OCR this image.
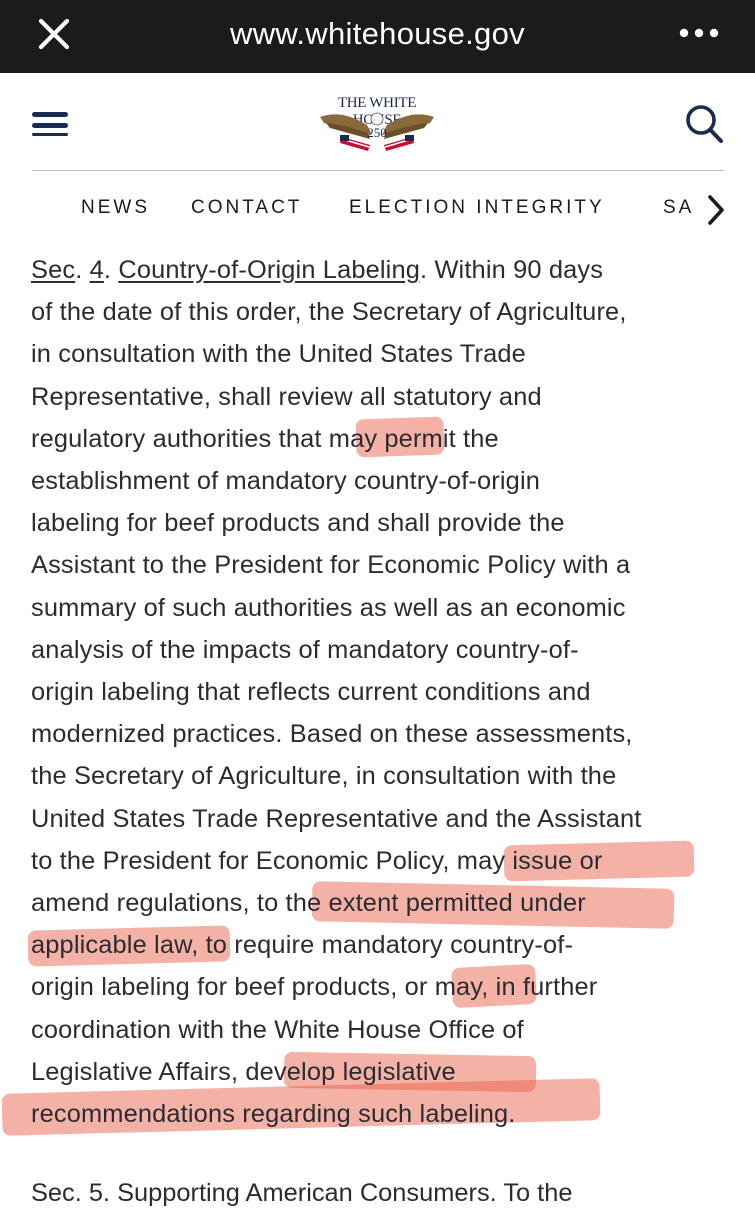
www.whitehouse.gov
THE WHITE
250
NEWS CONTACT ELECTION INTEGRITY	SA
Sec. 4. Country-of-Origin Labeling. Within 90 days
of the date of this order, the Secretary of Agriculture,
in consultation with the United States Trade
Representative, shall review all statutory and
regulatory authorities that may permit the
establishment of mandatory country-of-origin
labeling for beef products and shall provide the
Assistant to the President for Economic Policy with a
summary of such authorities as well as an economic
analysis of the impacts of mandatory country-of-
origin labeling that reflects current conditions and
modernized practices. Based on these assessments,
the Secretary of Agriculture, in consultation with the
United States Trade Representative and the Assistant
to the President for Economic Policy, may issue or
amend regulations, to the extent permitted under
applicable law, to require mandatory country-of-
origin labeling for beef products, or may, in further
coordination with the White House Office of
Legislative Affairs, develop legislative
recommendations regarding such labeling.
Sec. 5. Supporting American Consumers. To the
